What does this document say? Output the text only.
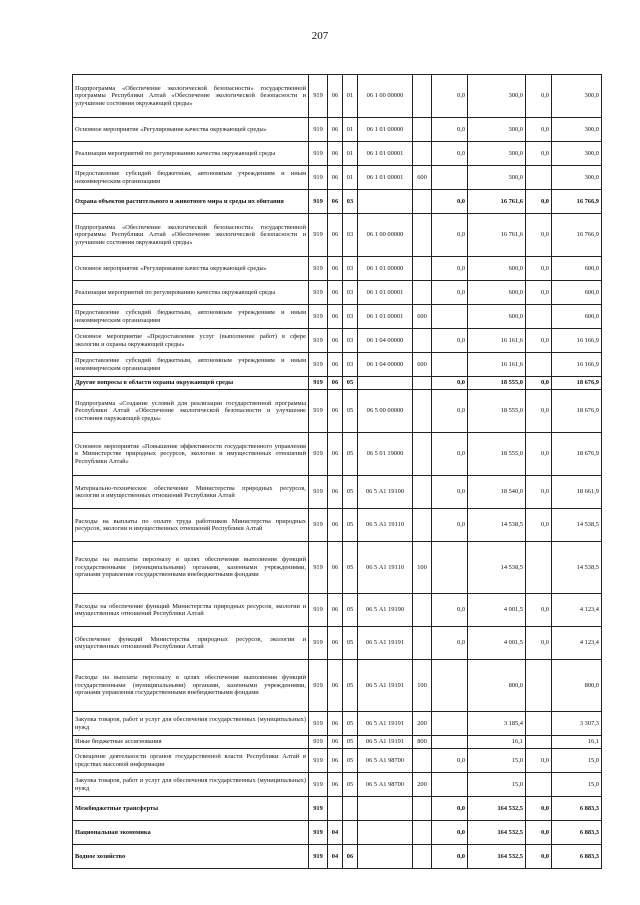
207
Подпрограмма «Обеспечение экологической безопасности» государственной программы Республики Алтай «Обеспечение экологической безопасности и улучшение состояния окружающей среды»	919	06	01	06 1 00 00000		0,0	300,0	0,0	300,0
Основное мероприятие «Регулирование качества окружающей среды»	919	06	01	06 1 01 00000		0,0	300,0	0,0	300,0
Реализация мероприятий по регулированию качества окружающей среды	919	06	01	06 1 01 00001		0,0	300,0	0,0	300,0
Предоставление субсидий бюджетным, автономным учреждениям и иным некоммерческим организациям	919	06	01	06 1 01 00001	600		300,0		300,0
Охрана объектов растительного и животного мира и среды их обитания	919	06	03			0,0	16 761,6	0,0	16 766,9
Подпрограмма «Обеспечение экологической безопасности» государственной программы Республики Алтай «Обеспечение экологической безопасности и улучшение состояния окружающей среды»	919	06	03	06 1 00 00000		0,0	16 761,6	0,0	16 766,9
Основное мероприятие «Регулирование качества окружающей среды»	919	06	03	06 1 01 00000		0,0	600,0	0,0	600,0
Реализация мероприятий по регулированию качества окружающей среды	919	06	03	06 1 01 00001		0,0	600,0	0,0	600,0
Предоставление субсидий бюджетным, автономным учреждениям и иным некоммерческим организациям	919	06	03	06 1 01 00001	600		600,0		600,0
Основное мероприятие «Предоставление услуг (выполнение работ) в сфере экологии и охраны окружающей среды»	919	06	03	06 1 04 00000		0,0	16 161,6	0,0	16 166,9
Предоставление субсидий бюджетным, автономным учреждениям и иным некоммерческим организациям	919	06	03	06 1 04 00000	600		16 161,6		16 166,9
Другие вопросы в области охраны окружающей среды	919	06	05			0,0	18 555,0	0,0	18 676,9
Подпрограмма «Создание условий для реализации государственной программы Республики Алтай «Обеспечение экологической безопасности и улучшение состояния окружающей среды»	919	06	05	06 5 00 00000		0,0	18 555,0	0,0	18 676,9
Основное мероприятие «Повышение эффективности государственного управления в Министерстве природных ресурсов, экологии и имущественных отношений Республики Алтай»	919	06	05	06 5 01 19000		0,0	18 555,0	0,0	18 676,9
Материально-техническое обеспечение Министерства природных ресурсов, экологии и имущественных отношений Республики Алтай	919	06	05	06 5 А1 19100		0,0	18 540,0	0,0	18 661,9
Расходы на выплаты по оплате труда работников Министерства природных ресурсов, экологии и имущественных отношений Республики Алтай	919	06	05	06 5 А1 19110		0,0	14 538,5	0,0	14 538,5
Расходы на выплаты персоналу в целях обеспечения выполнения функций государственными (муниципальными) органами, казенными учреждениями, органами управления государственными внебюджетными фондами	919	06	05	06 5 А1 19110	100		14 538,5		14 538,5
Расходы на обеспечение функций Министерства природных ресурсов, экологии и имущественных отношений Республики Алтай	919	06	05	06 5 А1 19190		0,0	4 001,5	0,0	4 123,4
Обеспечение функций Министерства природных ресурсов, экологии и имущественных отношений Республики Алтай	919	06	05	06 5 А1 19191		0,0	4 001,5	0,0	4 123,4
Расходы на выплаты персоналу в целях обеспечения выполнения функций государственными (муниципальными) органами, казенными учреждениями, органами управления государственными внебюджетными фондами	919	06	05	06 5 А1 19191	100		800,0		800,0
Закупка товаров, работ и услуг для обеспечения государственных (муниципальных) нужд	919	06	05	06 5 А1 19191	200		3 185,4		3 307,3
Иные бюджетные ассигнования	919	06	05	06 5 А1 19191	800		16,1		16,1
Освещение деятельности органов государственной власти Республики Алтай в средствах массовой информации	919	06	05	06 5 А1 98700		0,0	15,0	0,0	15,0
Закупка товаров, работ и услуг для обеспечения государственных (муниципальных) нужд	919	06	05	06 5 А1 98700	200		15,0		15,0
Межбюджетные трансферты	919					0,0	164 532,5	0,0	6 883,3
Национальная экономика	919	04				0,0	164 532,5	0,0	6 883,3
Водное хозяйство	919	04	06			0,0	164 532,5	0,0	6 883,3
